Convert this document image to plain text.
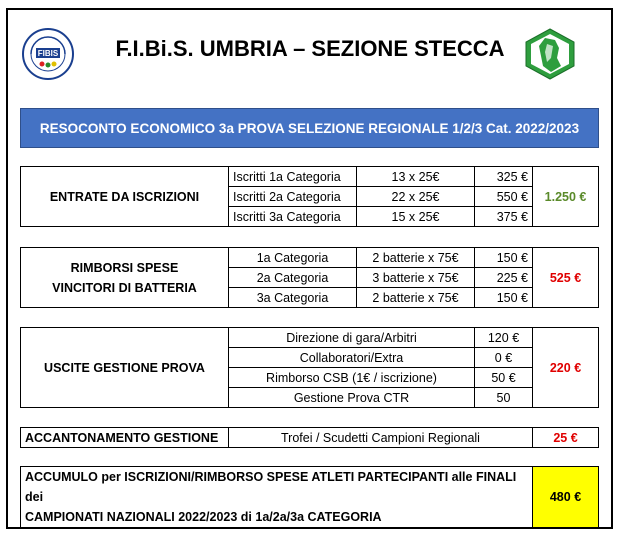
FIBIS	F.I.Bi.S. UMBRIA – SEZIONE STECCA
RESOCONTO ECONOMICO 3a PROVA SELEZIONE REGIONALE 1/2/3 Cat. 2022/2023
ENTRATE DA ISCRIZIONI	Iscritti 1a Categoria	13 x 25€	325 €	1.250 €
	Iscritti 2a Categoria	22 x 25€	550 €	
	Iscritti 3a Categoria	15 x 25€	375 €	
RIMBORSI SPESE
VINCITORI DI BATTERIA	1a Categoria	2 batterie x 75€	150 €	525 €
	2a Categoria	3 batterie x 75€	225 €	
	3a Categoria	2 batterie x 75€	150 €	
USCITE GESTIONE PROVA	Direzione di gara/Arbitri	120 €	220 €
	Collaboratori/Extra	0 €	
	Rimborso CSB (1€ / iscrizione)	50 €	
	Gestione Prova CTR	50	
ACCANTONAMENTO GESTIONE	Trofei / Scudetti Campioni Regionali	25 €
ACCUMULO per ISCRIZIONI/RIMBORSO SPESE ATLETI PARTECIPANTI alle FINALI dei
CAMPIONATI NAZIONALI 2022/2023 di 1a/2a/3a CATEGORIA
	480 €
